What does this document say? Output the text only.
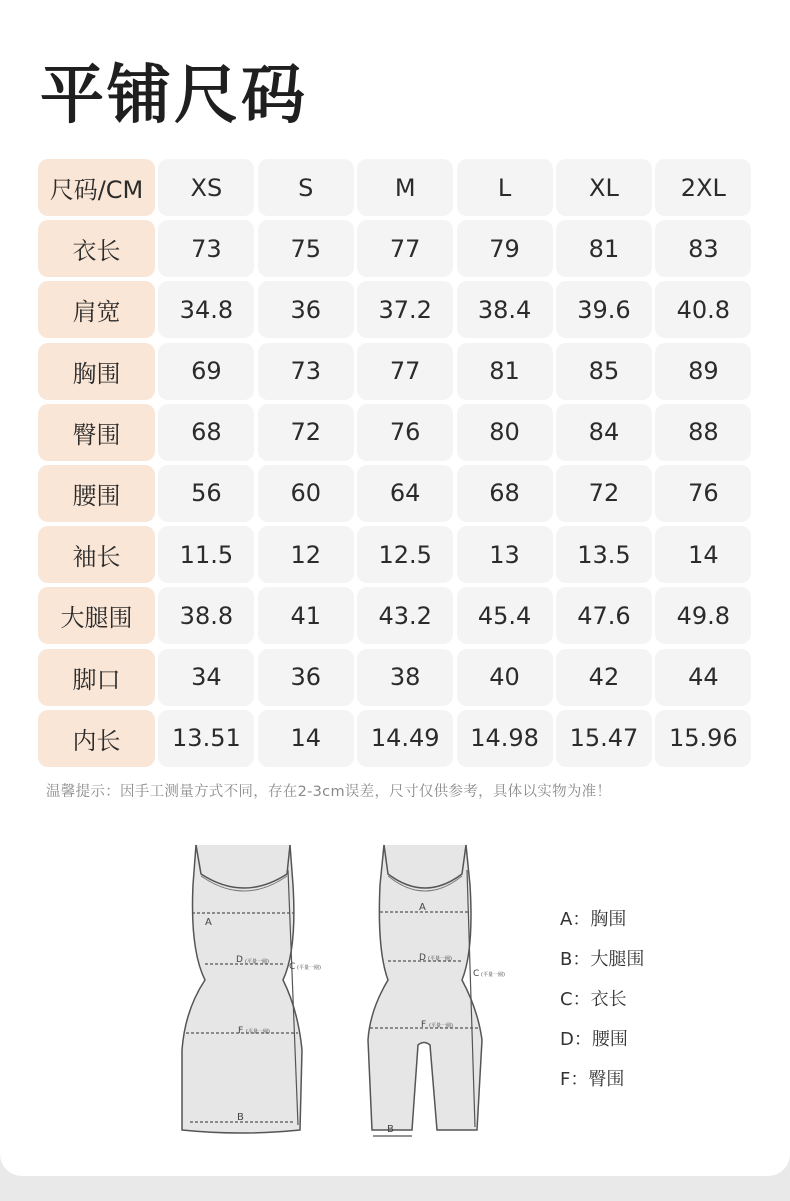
平铺尺码
尺码/CM	XS	S	M	L	XL	2XL
衣长	73	75	77	79	81	83
肩宽	34.8	36	37.2	38.4	39.6	40.8
胸围	69	73	77	81	85	89
臀围	68	72	76	80	84	88
腰围	56	60	64	68	72	76
袖长	11.5	12	12.5	13	13.5	14
大腿围	38.8	41	43.2	45.4	47.6	49.8
脚口	34	36	38	40	42	44
内长	13.51	14	14.49	14.98	15.47	15.96
温馨提示：因手工测量方式不同，存在2-3cm误差，尺寸仅供参考，具体以实物为准！
A
D (平量一圈) C (平量一圈)
F (平量一圈)
B
A
D (平量一圈)
C (平量一圈)
F (平量一圈)
B
A：胸围
B：大腿围
C：衣长
D：腰围
F：臀围
